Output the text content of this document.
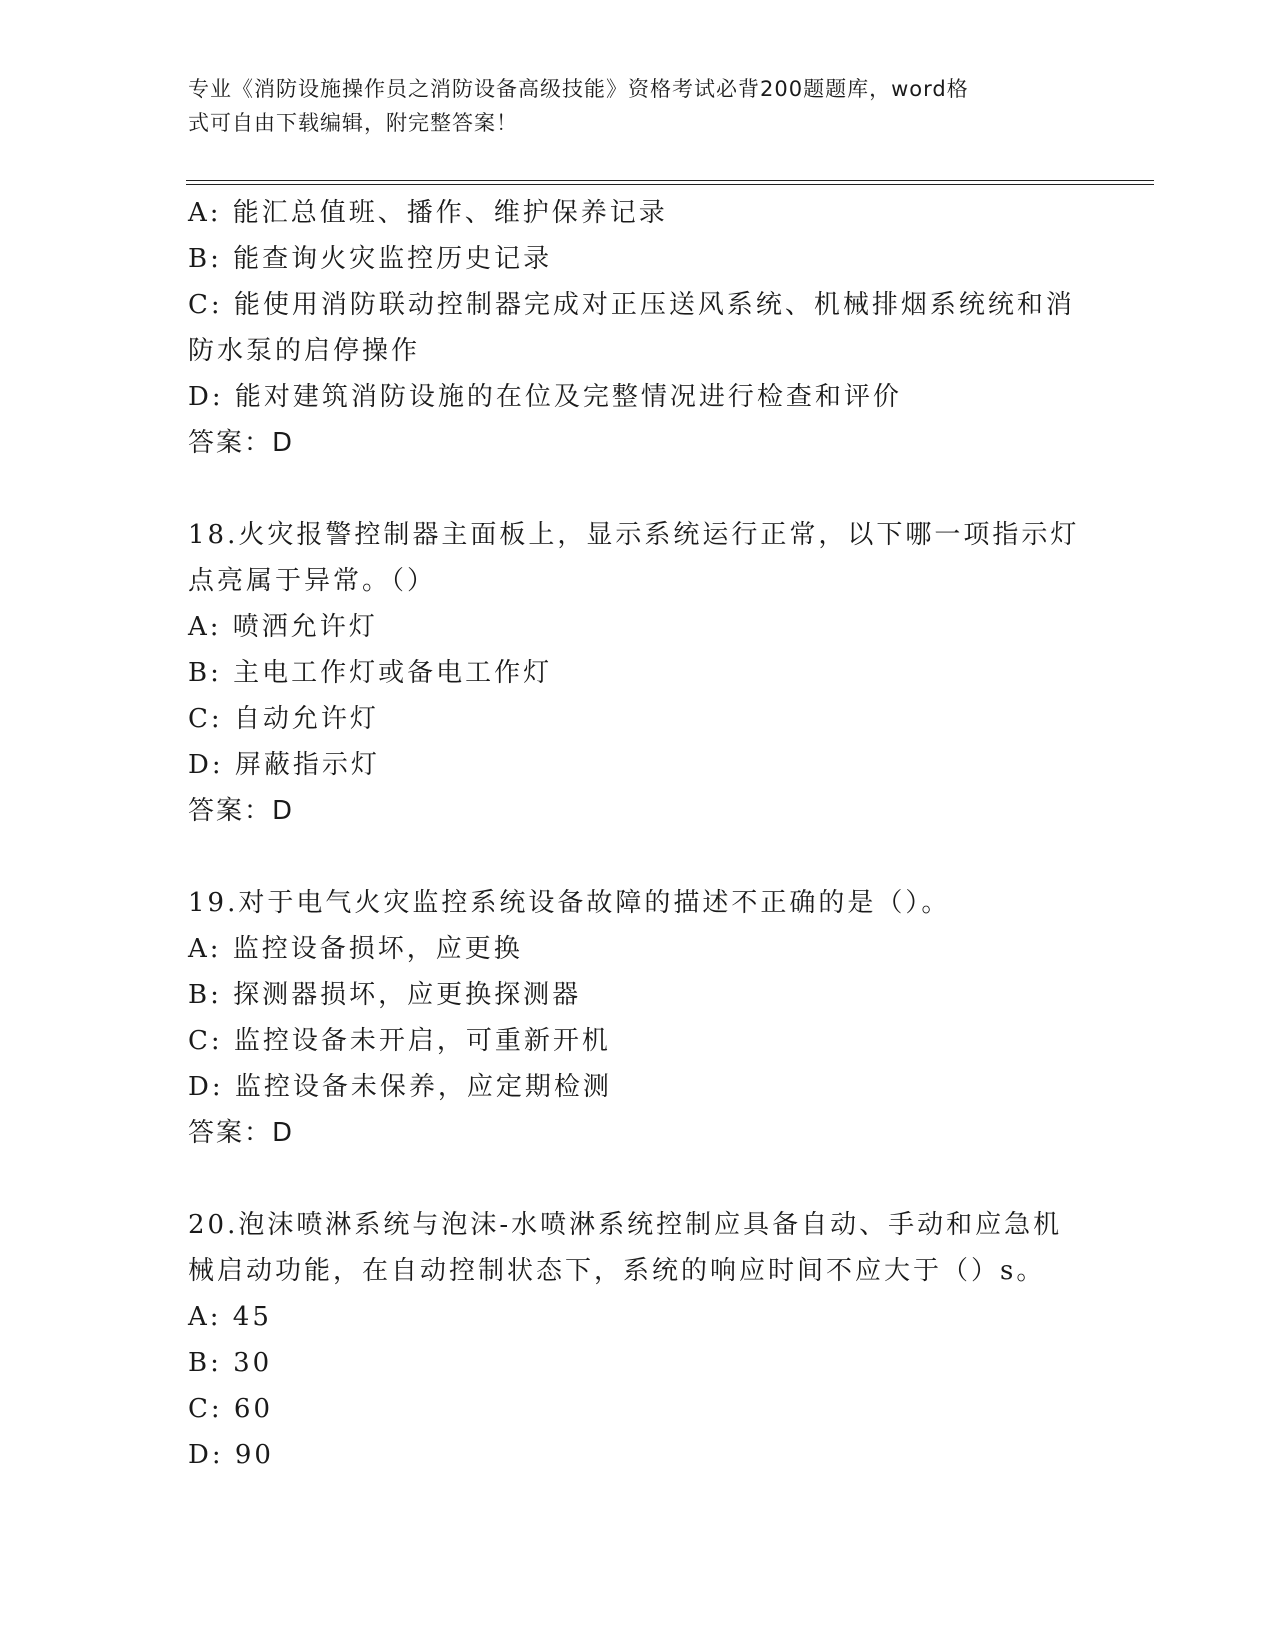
专业《消防设施操作员之消防设备高级技能》资格考试必背200题题库，word格
式可自由下载编辑，附完整答案！
A: 能汇总值班、播作、维护保养记录
B: 能查询火灾监控历史记录
C: 能使用消防联动控制器完成对正压送风系统、机械排烟系统统和消
防水泵的启停操作
D: 能对建筑消防设施的在位及完整情况进行检查和评价
答案：D
18.火灾报警控制器主面板上，显示系统运行正常，以下哪一项指示灯
点亮属于异常。（）
A: 喷洒允许灯
B: 主电工作灯或备电工作灯
C: 自动允许灯
D: 屏蔽指示灯
答案：D
19.对于电气火灾监控系统设备故障的描述不正确的是（）。
A: 监控设备损坏，应更换
B: 探测器损坏，应更换探测器
C: 监控设备未开启，可重新开机
D: 监控设备未保养，应定期检测
答案：D
20.泡沫喷淋系统与泡沫-水喷淋系统控制应具备自动、手动和应急机
械启动功能，在自动控制状态下，系统的响应时间不应大于（）s。
A: 45
B: 30
C: 60
D: 90
